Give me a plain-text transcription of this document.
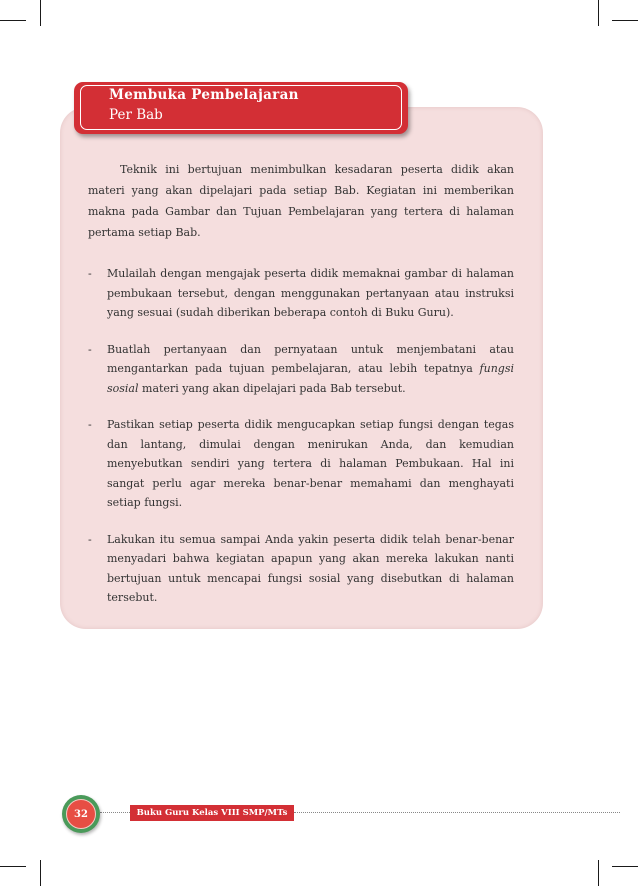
Membuka Pembelajaran
Per Bab

Teknik ini bertujuan menimbulkan kesadaran peserta didik akan materi yang akan dipelajari pada setiap Bab. Kegiatan ini memberikan makna pada Gambar dan Tujuan Pembelajaran yang tertera di halaman pertama setiap Bab.

- Mulailah dengan mengajak peserta didik memaknai gambar di halaman pembukaan tersebut, dengan menggunakan pertanyaan atau instruksi yang sesuai (sudah diberikan beberapa contoh di Buku Guru).
- Buatlah pertanyaan dan pernyataan untuk menjembatani atau mengantarkan pada tujuan pembelajaran, atau lebih tepatnya fungsi sosial materi yang akan dipelajari pada Bab tersebut.
- Pastikan setiap peserta didik mengucapkan setiap fungsi dengan tegas dan lantang, dimulai dengan menirukan Anda, dan kemudian menyebutkan sendiri yang tertera di halaman Pembukaan. Hal ini sangat perlu agar mereka benar-benar memahami dan menghayati setiap fungsi.
- Lakukan itu semua sampai Anda yakin peserta didik telah benar-benar menyadari bahwa kegiatan apapun yang akan mereka lakukan nanti bertujuan untuk mencapai fungsi sosial yang disebutkan di halaman tersebut.
32	Buku Guru Kelas VIII SMP/MTs
